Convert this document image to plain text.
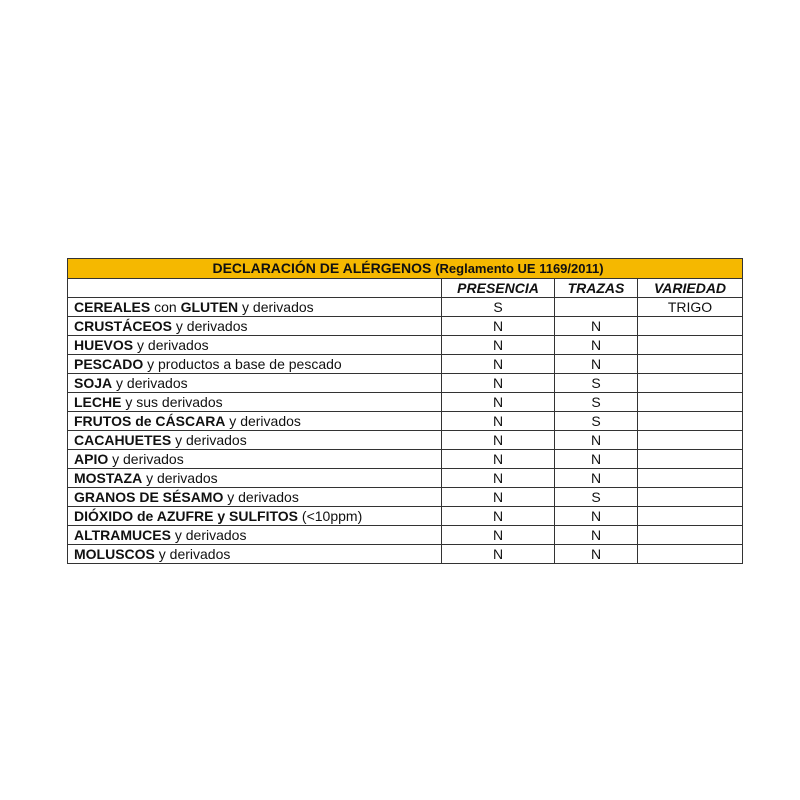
DECLARACIÓN DE ALÉRGENOS (Reglamento UE 1169/2011)			
	PRESENCIA	TRAZAS	VARIEDAD
CEREALES con GLUTEN y derivados	S		TRIGO
CRUSTÁCEOS y derivados	N	N	
HUEVOS y derivados	N	N	
PESCADO y productos a base de pescado	N	N	
SOJA y derivados	N	S	
LECHE y sus derivados	N	S	
FRUTOS de CÁSCARA y derivados	N	S	
CACAHUETES y derivados	N	N	
APIO y derivados	N	N	
MOSTAZA y derivados	N	N	
GRANOS DE SÉSAMO y derivados	N	S	
DIÓXIDO de AZUFRE y SULFITOS (<10ppm)	N	N	
ALTRAMUCES y derivados	N	N	
MOLUSCOS y derivados	N	N	
